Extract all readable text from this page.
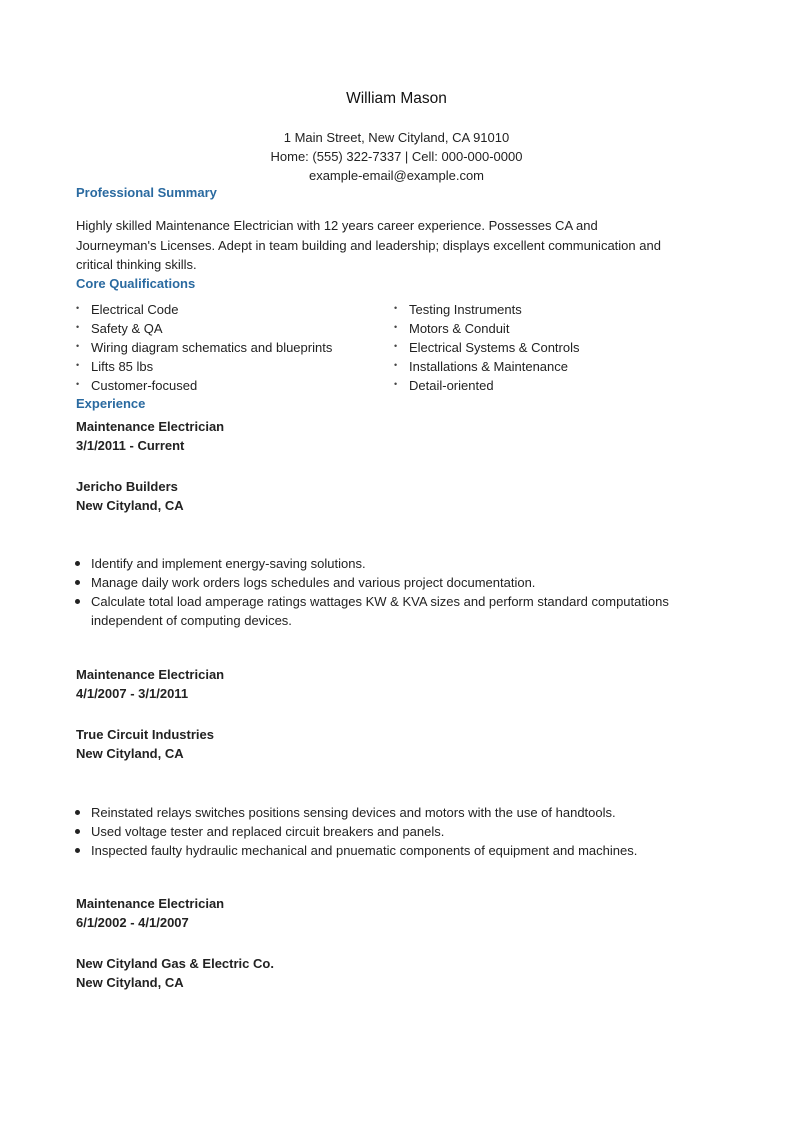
William Mason
1 Main Street, New Cityland, CA 91010
Home: (555) 322-7337 | Cell: 000-000-0000
example-email@example.com
Professional Summary
Highly skilled Maintenance Electrician with 12 years career experience. Possesses CA and
Journeyman's Licenses. Adept in team building and leadership; displays excellent communication and
critical thinking skills.
Core Qualifications
• Electrical Code
• Safety & QA
• Wiring diagram schematics and blueprints
• Lifts 85 lbs
• Customer-focused
• Testing Instruments
• Motors & Conduit
• Electrical Systems & Controls
• Installations & Maintenance
• Detail-oriented
Experience
Maintenance Electrician
3/1/2011 - Current
Jericho Builders
New Cityland, CA
Identify and implement energy-saving solutions.
Manage daily work orders logs schedules and various project documentation.
Calculate total load amperage ratings wattages KW & KVA sizes and perform standard computations independent of computing devices.
Maintenance Electrician
4/1/2007 - 3/1/2011
True Circuit Industries
New Cityland, CA
Reinstated relays switches positions sensing devices and motors with the use of handtools.
Used voltage tester and replaced circuit breakers and panels.
Inspected faulty hydraulic mechanical and pnuematic components of equipment and machines.
Maintenance Electrician
6/1/2002 - 4/1/2007
New Cityland Gas & Electric Co.
New Cityland, CA
